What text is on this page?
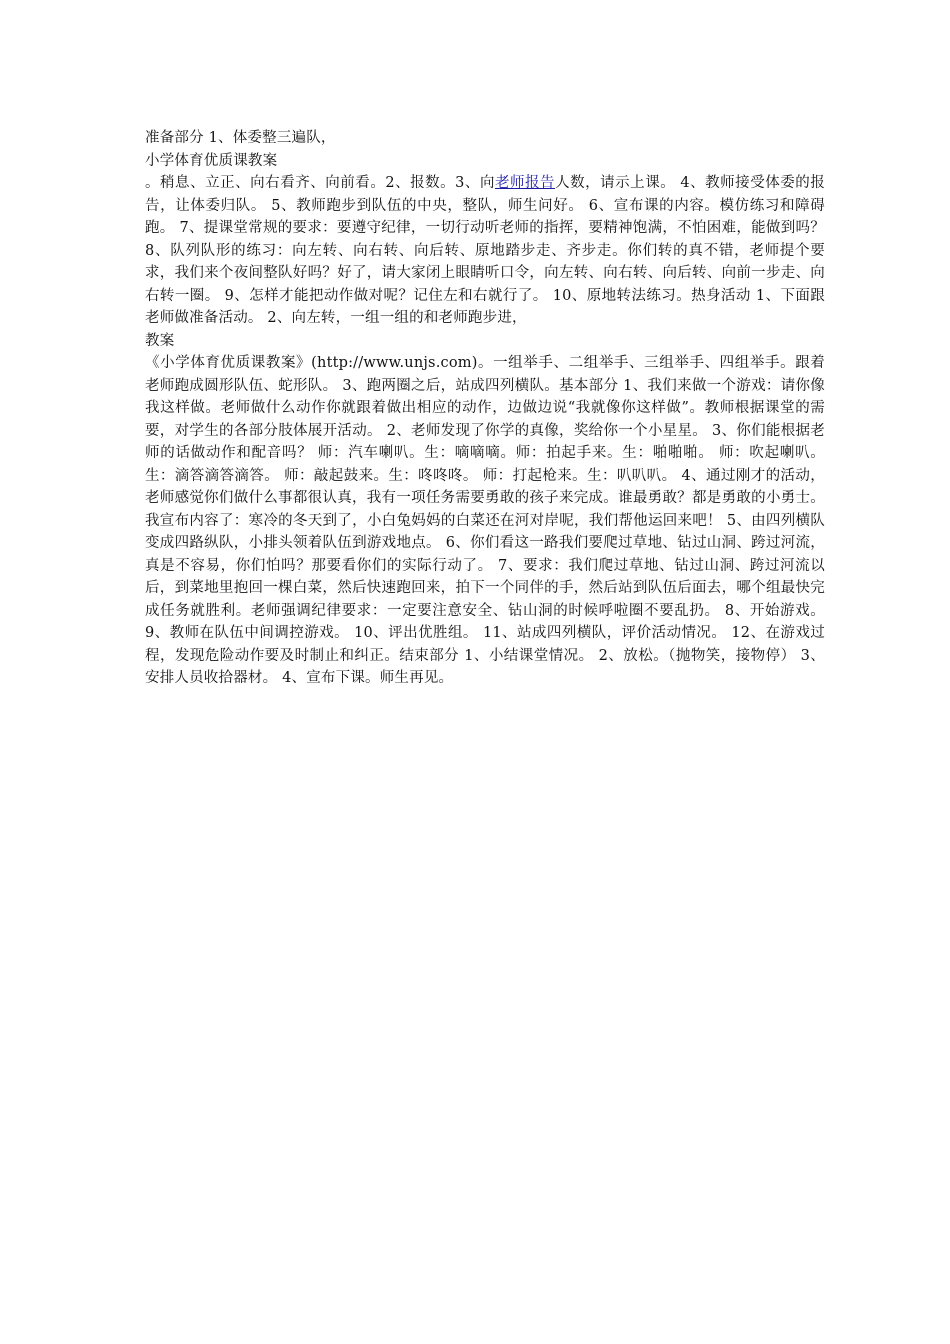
准备部分 1、体委整三遍队，
小学体育优质课教案
。稍息、立正、向右看齐、向前看。2、报数。3、向老师报告人数，请示上课。 4、教师接受体委的报告，让体委归队。 5、教师跑步到队伍的中央，整队，师生问好。 6、宣布课的内容。模仿练习和障碍跑。 7、提课堂常规的要求：要遵守纪律，一切行动听老师的指挥，要精神饱满，不怕困难，能做到吗？ 8、队列队形的练习：向左转、向右转、向后转、原地踏步走、齐步走。你们转的真不错，老师提个要求，我们来个夜间整队好吗？好了，请大家闭上眼睛听口令，向左转、向右转、向后转、向前一步走、向右转一圈。 9、怎样才能把动作做对呢？记住左和右就行了。 10、原地转法练习。热身活动 1、下面跟老师做准备活动。 2、向左转，一组一组的和老师跑步进，
教案
《小学体育优质课教案》(http://www.unjs.com)。一组举手、二组举手、三组举手、四组举手。跟着老师跑成圆形队伍、蛇形队。 3、跑两圈之后，站成四列横队。基本部分 1、我们来做一个游戏：请你像我这样做。老师做什么动作你就跟着做出相应的动作，边做边说“我就像你这样做”。教师根据课堂的需要，对学生的各部分肢体展开活动。 2、老师发现了你学的真像，奖给你一个小星星。 3、你们能根据老师的话做动作和配音吗？ 师：汽车喇叭。生：嘀嘀嘀。师：拍起手来。生：啪啪啪。 师：吹起喇叭。生：滴答滴答滴答。 师：敲起鼓来。生：咚咚咚。 师：打起枪来。生：叭叭叭。 4、通过刚才的活动，老师感觉你们做什么事都很认真，我有一项任务需要勇敢的孩子来完成。谁最勇敢？都是勇敢的小勇士。我宣布内容了：寒冷的冬天到了，小白兔妈妈的白菜还在河对岸呢，我们帮他运回来吧！ 5、由四列横队变成四路纵队，小排头领着队伍到游戏地点。 6、你们看这一路我们要爬过草地、钻过山洞、跨过河流，真是不容易，你们怕吗？那要看你们的实际行动了。 7、要求：我们爬过草地、钻过山洞、跨过河流以后，到菜地里抱回一棵白菜，然后快速跑回来，拍下一个同伴的手，然后站到队伍后面去，哪个组最快完成任务就胜利。老师强调纪律要求：一定要注意安全、钻山洞的时候呼啦圈不要乱扔。 8、开始游戏。 9、教师在队伍中间调控游戏。 10、评出优胜组。 11、站成四列横队，评价活动情况。 12、在游戏过程，发现危险动作要及时制止和纠正。结束部分 1、小结课堂情况。 2、放松。（抛物笑，接物停） 3、安排人员收拾器材。 4、宣布下课。师生再见。
